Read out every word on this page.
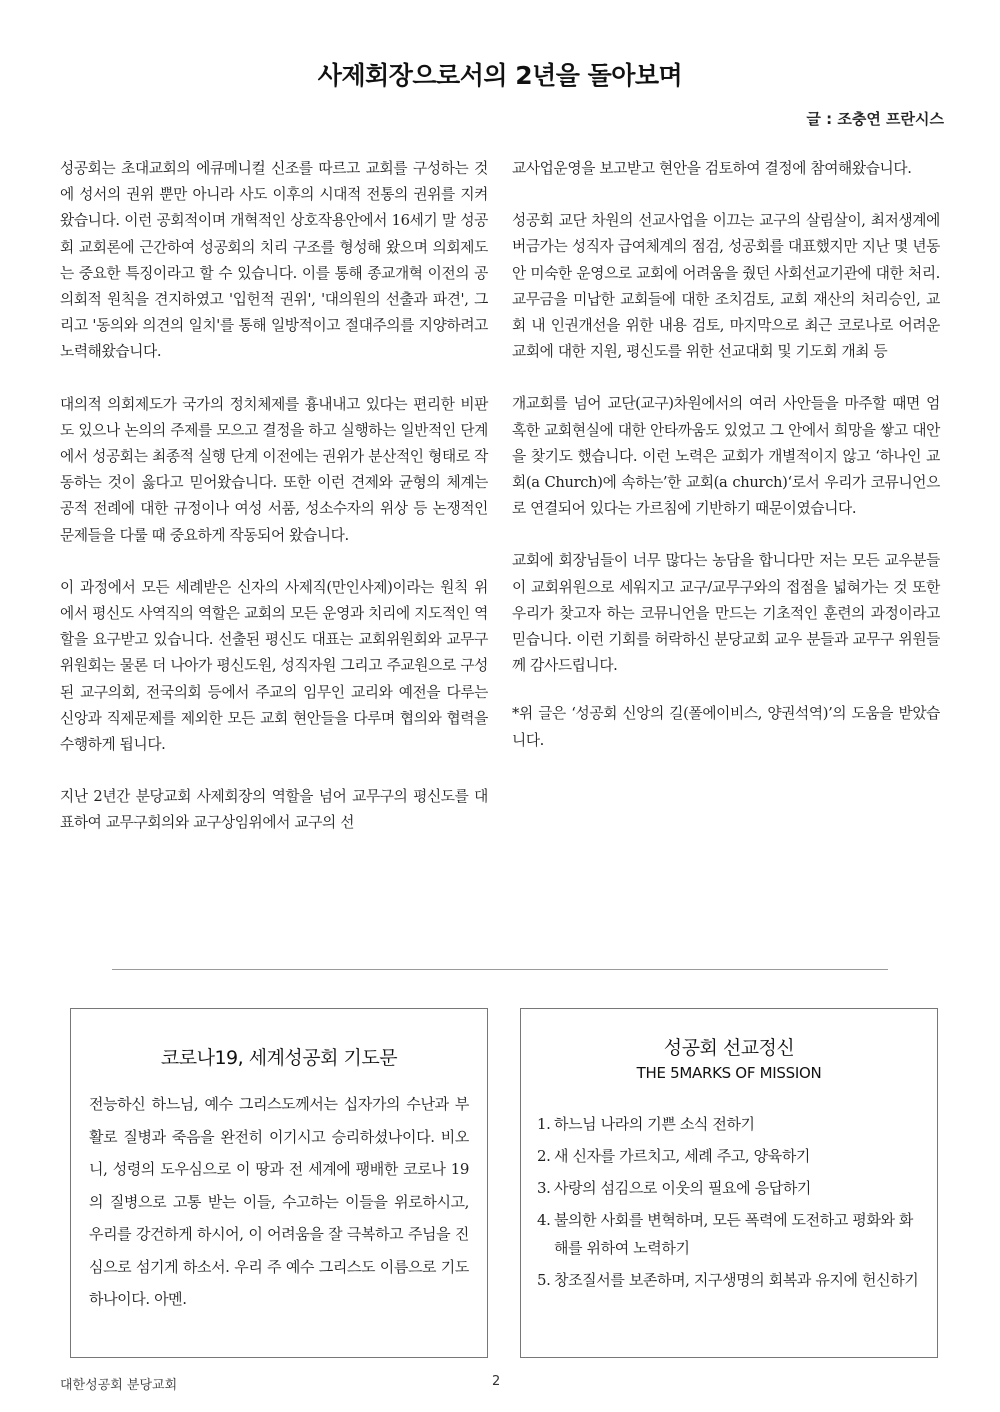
사제회장으로서의 2년을 돌아보며
글 : 조충연 프란시스

성공회는 초대교회의 에큐메니컬 신조를 따르고 교회를 구성하는 것에 성서의 권위 뿐만 아니라 사도 이후의 시대적 전통의 권위를 지켜왔습니다. 이런 공회적이며 개혁적인 상호작용안에서 16세기 말 성공회 교회론에 근간하여 성공회의 치리 구조를 형성해 왔으며 의회제도는 중요한 특징이라고 할 수 있습니다. 이를 통해 종교개혁 이전의 공의회적 원칙을 견지하였고 '입헌적 권위', '대의원의 선출과 파견', 그리고 '동의와 의견의 일치'를 통해 일방적이고 절대주의를 지양하려고 노력해왔습니다.

대의적 의회제도가 국가의 정치체제를 흉내내고 있다는 편리한 비판도 있으나 논의의 주제를 모으고 결정을 하고 실행하는 일반적인 단계에서 성공회는 최종적 실행 단계 이전에는 권위가 분산적인 형태로 작동하는 것이 옳다고 믿어왔습니다. 또한 이런 견제와 균형의 체계는 공적 전례에 대한 규정이나 여성 서품, 성소수자의 위상 등 논쟁적인 문제들을 다룰 때 중요하게 작동되어 왔습니다.

이 과정에서 모든 세례받은 신자의 사제직(만인사제)이라는 원칙 위에서 평신도 사역직의 역할은 교회의 모든 운영과 치리에 지도적인 역할을 요구받고 있습니다. 선출된 평신도 대표는 교회위원회와 교무구위원회는 물론 더 나아가 평신도원, 성직자원 그리고 주교원으로 구성된 교구의회, 전국의회 등에서 주교의 임무인 교리와 예전을 다루는 신앙과 직제문제를 제외한 모든 교회 현안들을 다루며 협의와 협력을 수행하게 됩니다.

지난 2년간 분당교회 사제회장의 역할을 넘어 교무구의 평신도를 대표하여 교무구회의와 교구상임위에서 교구의 선

교사업운영을 보고받고 현안을 검토하여 결정에 참여해왔습니다.

성공회 교단 차원의 선교사업을 이끄는 교구의 살림살이, 최저생계에 버금가는 성직자 급여체계의 점검, 성공회를 대표했지만 지난 몇 년동안 미숙한 운영으로 교회에 어려움을 줬던 사회선교기관에 대한 처리. 교무금을 미납한 교회들에 대한 조치검토, 교회 재산의 처리승인, 교회 내 인권개선을 위한 내용 검토, 마지막으로 최근 코로나로 어려운 교회에 대한 지원, 평신도를 위한 선교대회 및 기도회 개최 등

개교회를 넘어 교단(교구)차원에서의 여러 사안들을 마주할 때면 엄혹한 교회현실에 대한 안타까움도 있었고 그 안에서 희망을 쌓고 대안을 찾기도 했습니다. 이런 노력은 교회가 개별적이지 않고 ‘하나인 교회(a Church)에 속하는’한 교회(a church)‘로서 우리가 코뮤니언으로 연결되어 있다는 가르침에 기반하기 때문이였습니다.

교회에 회장님들이 너무 많다는 농담을 합니다만 저는 모든 교우분들이 교회위원으로 세워지고 교구/교무구와의 접점을 넓혀가는 것 또한 우리가 찾고자 하는 코뮤니언을 만드는 기초적인 훈련의 과정이라고 믿습니다. 이런 기회를 허락하신 분당교회 교우 분들과 교무구 위원들께 감사드립니다.

*위 글은 ‘성공회 신앙의 길(폴에이비스, 양권석역)’의 도움을 받았습니다.

코로나19, 세계성공회 기도문
전능하신 하느님, 예수 그리스도께서는 십자가의 수난과 부활로 질병과 죽음을 완전히 이기시고 승리하셨나이다. 비오니, 성령의 도우심으로 이 땅과 전 세계에 팽배한 코로나 19의 질병으로 고통 받는 이들, 수고하는 이들을 위로하시고, 우리를 강건하게 하시어, 이 어려움을 잘 극복하고 주님을 진심으로 섬기게 하소서. 우리 주 예수 그리스도 이름으로 기도하나이다. 아멘.
성공회 선교정신
THE 5MARKS OF MISSION
1. 하느님 나라의 기쁜 소식 전하기
2. 새 신자를 가르치고, 세례 주고, 양육하기
3. 사랑의 섬김으로 이웃의 필요에 응답하기
4. 불의한 사회를 변혁하며, 모든 폭력에 도전하고 평화와 화해를 위하여 노력하기
5. 창조질서를 보존하며, 지구생명의 회복과 유지에 헌신하기
대한성공회 분당교회	2
